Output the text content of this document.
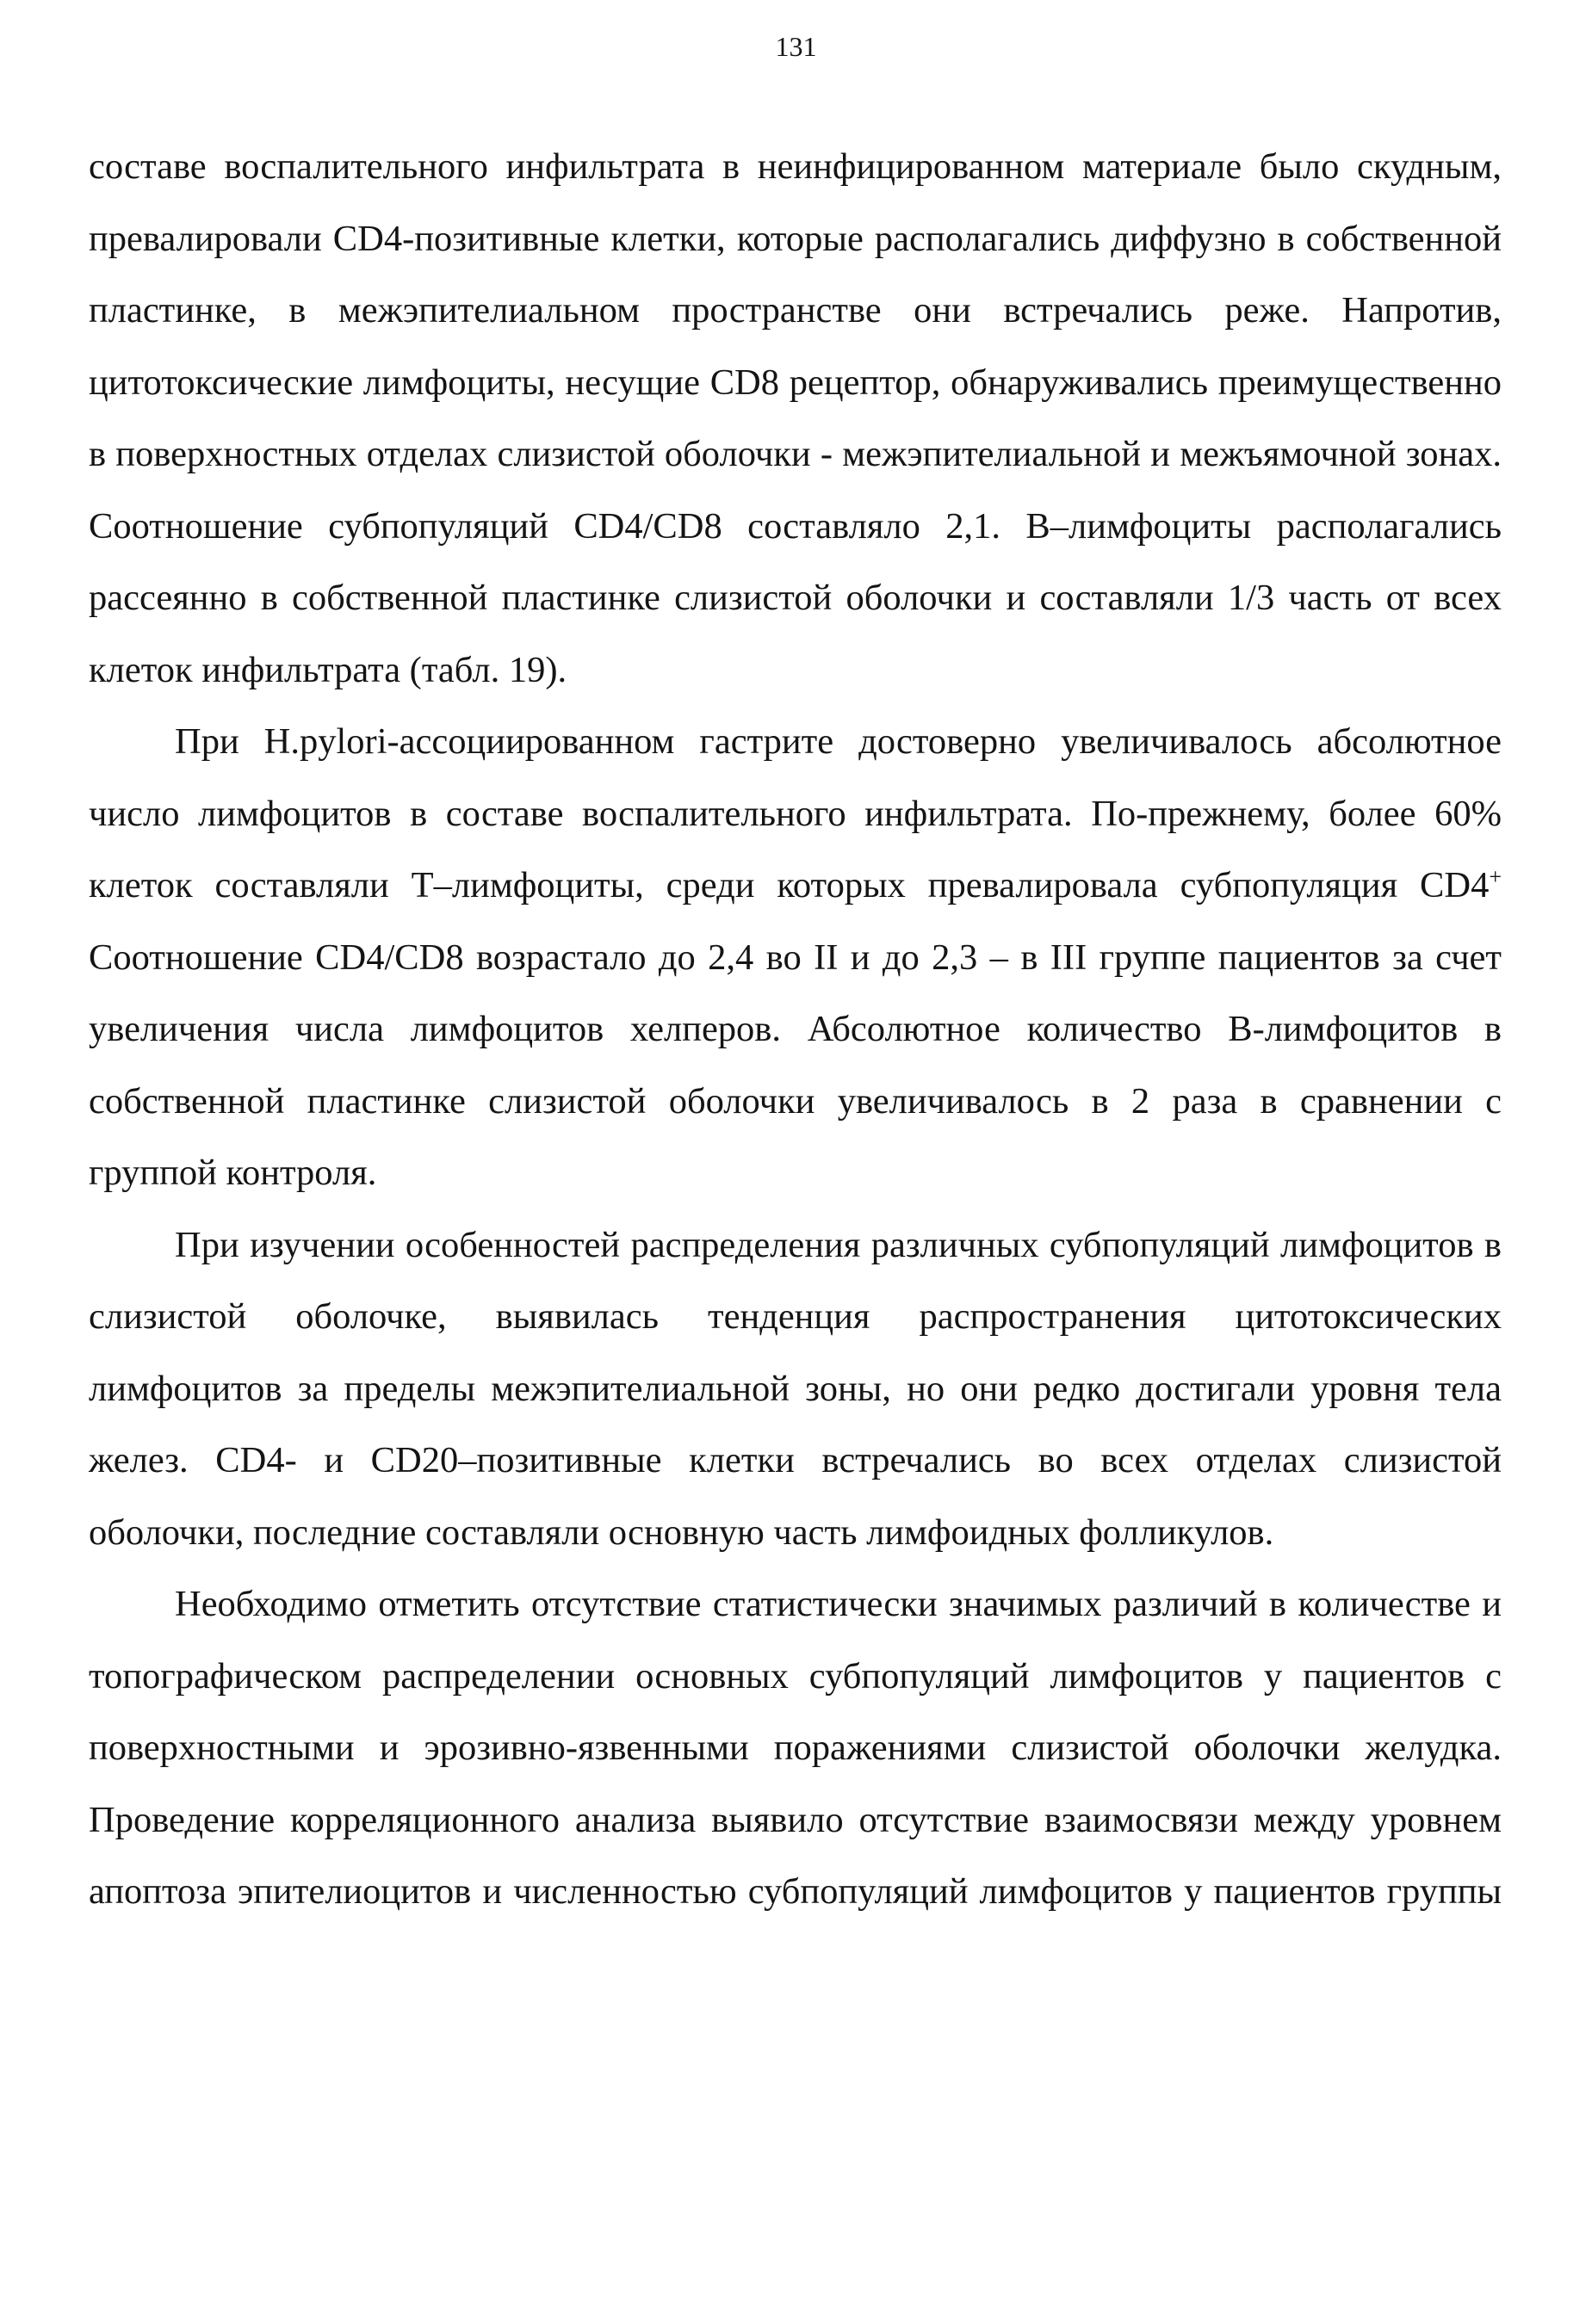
131

составе воспалительного инфильтрата в неинфицированном материале было скудным, превалировали CD4-позитивные клетки, которые располагались диффузно в собственной пластинке, в межэпителиальном пространстве они встречались реже. Напротив, цитотоксические лимфоциты, несущие CD8 рецептор, обнаруживались преимущественно в поверхностных отделах слизистой оболочки - межэпителиальной и межъямочной зонах. Соотношение субпопуляций CD4/CD8 составляло 2,1. В–лимфоциты располагались рассеянно в собственной пластинке слизистой оболочки и составляли 1/3 часть от всех клеток инфильтрата (табл. 19).

При H.pylori-ассоциированном гастрите достоверно увеличивалось абсолютное число лимфоцитов в составе воспалительного инфильтрата. По-прежнему, более 60% клеток составляли Т–лимфоциты, среди которых превалировала субпопуляция CD4+ Соотношение CD4/CD8 возрастало до 2,4 во II и до 2,3 – в III группе пациентов за счет увеличения числа лимфоцитов хелперов. Абсолютное количество В-лимфоцитов в собственной пластинке слизистой оболочки увеличивалось в 2 раза в сравнении с группой контроля.

При изучении особенностей распределения различных субпопуляций лимфоцитов в слизистой оболочке, выявилась тенденция распространения цитотоксических лимфоцитов за пределы межэпителиальной зоны, но они редко достигали уровня тела желез. CD4- и CD20–позитивные клетки встречались во всех отделах слизистой оболочки, последние составляли основную часть лимфоидных фолликулов.

Необходимо отметить отсутствие статистически значимых различий в количестве и топографическом распределении основных субпопуляций лимфоцитов у пациентов с поверхностными и эрозивно-язвенными поражениями слизистой оболочки желудка. Проведение корреляционного анализа выявило отсутствие взаимосвязи между уровнем апоптоза эпителиоцитов и численностью субпопуляций лимфоцитов у пациентов группы
